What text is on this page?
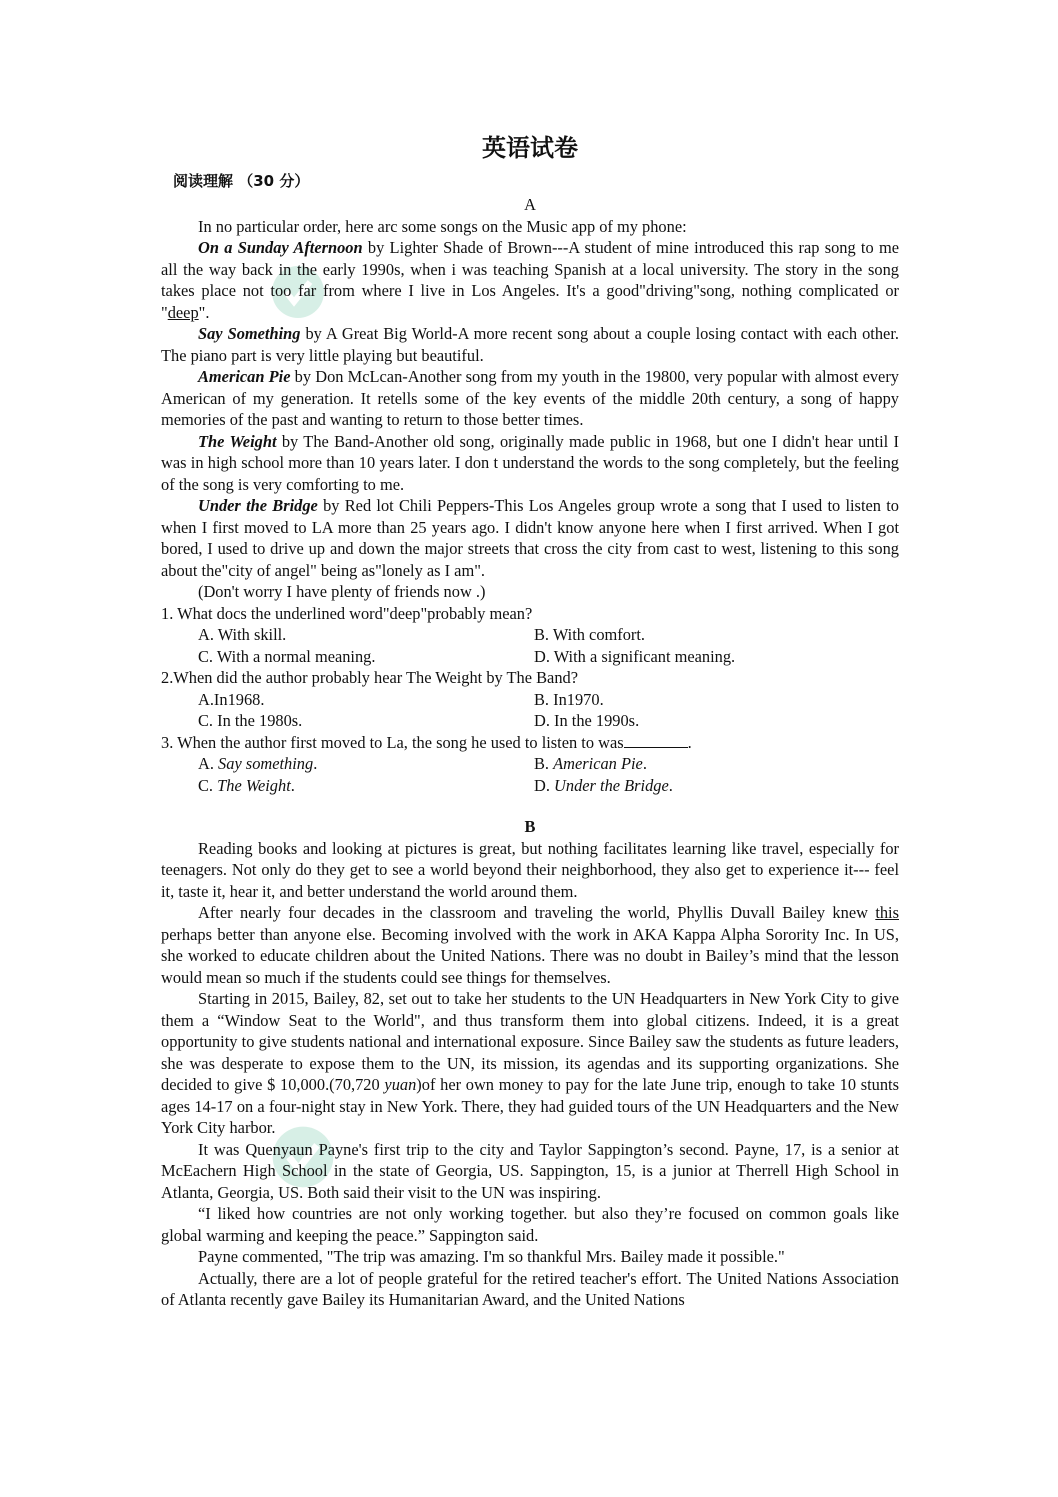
英语试卷
阅读理解 （30 分）
A

In no particular order, here arc some songs on the Music app of my phone:

On a Sunday Afternoon by Lighter Shade of Brown---A student of mine introduced this rap song to me all the way back in the early 1990s, when i was teaching Spanish at a local university. The story in the song takes place not too far from where I live in Los Angeles. It's a good"driving"song, nothing complicated or "deep".

Say Something by A Great Big World-A more recent song about a couple losing contact with each other. The piano part is very little playing but beautiful.

American Pie by Don McLcan-Another song from my youth in the 19800, very popular with almost every American of my generation. It retells some of the key events of the middle 20th century, a song of happy memories of the past and wanting to return to those better times.

The Weight by The Band-Another old song, originally made public in 1968, but one I didn't hear until I was in high school more than 10 years later. I don t understand the words to the song completely, but the feeling of the song is very comforting to me.

Under the Bridge by Red lot Chili Peppers-This Los Angeles group wrote a song that I used to listen to when I first moved to LA more than 25 years ago. I didn't know anyone here when I first arrived. When I got bored, I used to drive up and down the major streets that cross the city from cast to west, listening to this song about the"city of angel" being as"lonely as I am".

(Don't worry I have plenty of friends now .)

1. What docs the underlined word"deep"probably mean?
A. With skill.	B. With comfort.
C. With a normal meaning.	D. With a significant meaning.
2.When did the author probably hear The Weight by The Band?
A.In1968.	B. In1970.
C. In the 1980s.	D. In the 1990s.
3. When the author first moved to La, the song he used to listen to was	.
A. Say something.	B. American Pie.
C. The Weight.	D. Under the Bridge.
B

Reading books and looking at pictures is great, but nothing facilitates learning like travel, especially for teenagers. Not only do they get to see a world beyond their neighborhood, they also get to experience it--- feel it, taste it, hear it, and better understand the world around them.

After nearly four decades in the classroom and traveling the world, Phyllis Duvall Bailey knew this perhaps better than anyone else. Becoming involved with the work in AKA Kappa Alpha Sorority Inc. In US, she worked to educate children about the United Nations. There was no doubt in Bailey’s mind that the lesson would mean so much if the students could see things for themselves.

Starting in 2015, Bailey, 82, set out to take her students to the UN Headquarters in New York City to give them a “Window Seat to the World", and thus transform them into global citizens. Indeed, it is a great opportunity to give students national and international exposure. Since Bailey saw the students as future leaders, she was desperate to expose them to the UN, its mission, its agendas and its supporting organizations. She decided to give $ 10,000.(70,720 yuan)of her own money to pay for the late June trip, enough to take 10 stunts ages 14-17 on a four-night stay in New York. There, they had guided tours of the UN Headquarters and the New York City harbor.

It was Quenyaun Payne's first trip to the city and Taylor Sappington’s second. Payne, 17, is a senior at McEachern High School in the state of Georgia, US. Sappington, 15, is a junior at Therrell High School in Atlanta, Georgia, US. Both said their visit to the UN was inspiring.

“I liked how countries are not only working together. but also they’re focused on common goals like global warming and keeping the peace.” Sappington said.

Payne commented, "The trip was amazing. I'm so thankful Mrs. Bailey made it possible."

Actually, there are a lot of people grateful for the retired teacher's effort. The United Nations Association of Atlanta recently gave Bailey its Humanitarian Award, and the United Nations
